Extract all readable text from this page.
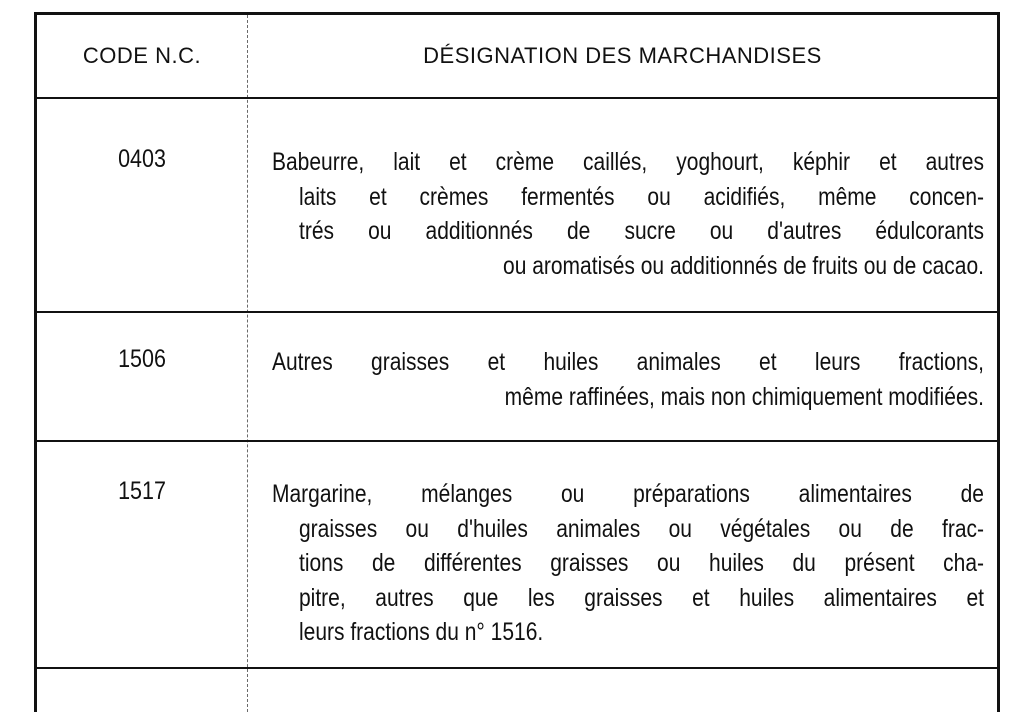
CODE N.C.	DÉSIGNATION DES MARCHANDISES
0403	Babeurre, lait et crème caillés, yoghourt, képhir et autres
laits et crèmes fermentés ou acidifiés, même concen-
trés ou additionnés de sucre ou d'autres édulcorants
ou aromatisés ou additionnés de fruits ou de cacao.
1506	Autres graisses et huiles animales et leurs fractions,
même raffinées, mais non chimiquement modifiées.
1517	Margarine, mélanges ou préparations alimentaires de
graisses ou d'huiles animales ou végétales ou de frac-
tions de différentes graisses ou huiles du présent cha-
pitre, autres que les graisses et huiles alimentaires et
leurs fractions du n° 1516.
